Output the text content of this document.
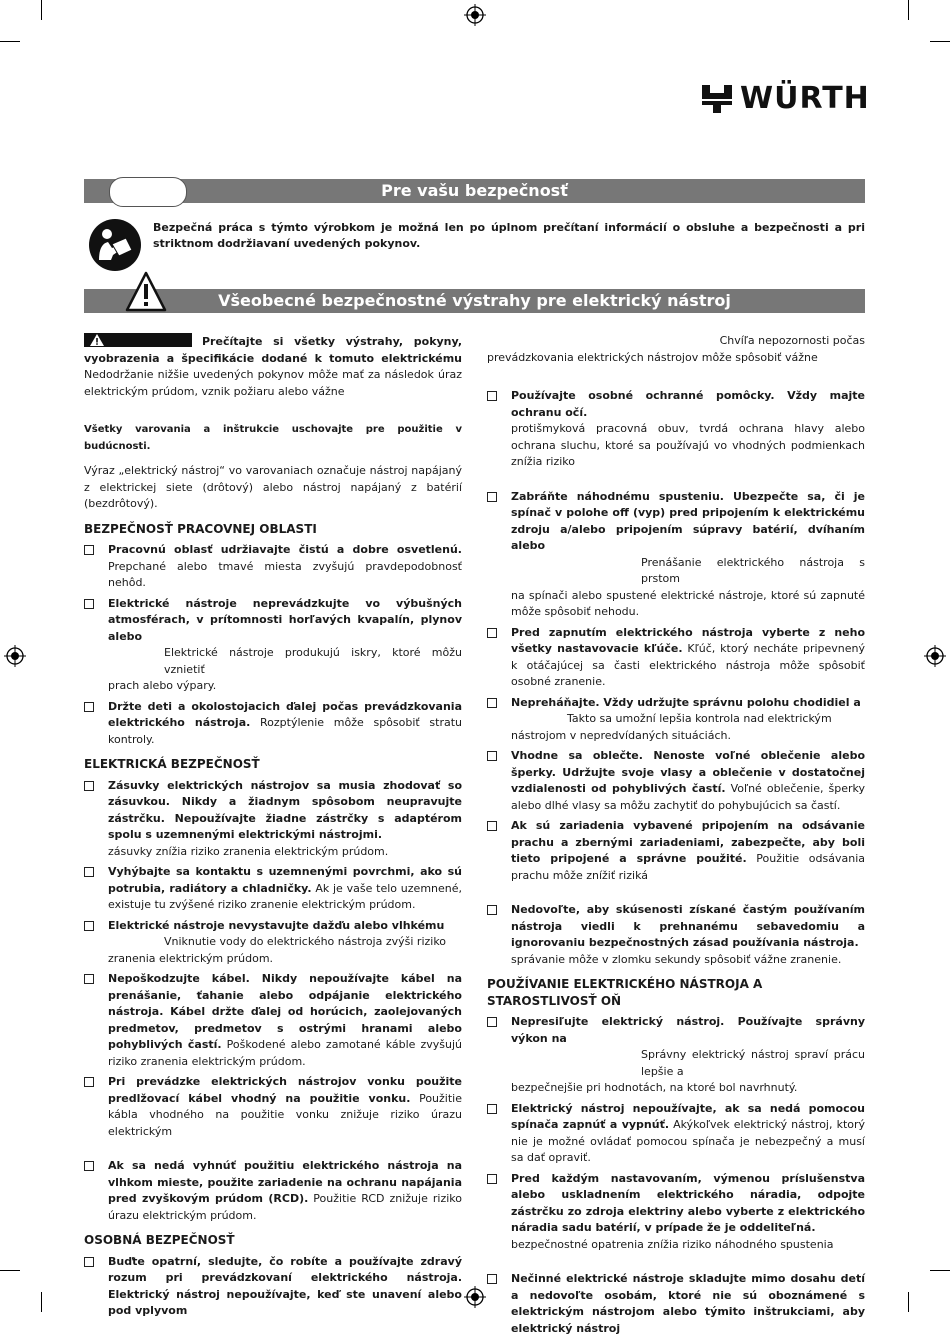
WÜRTH
Pre vašu bezpečnosť
Bezpečná práca s týmto výrobkom je možná len po úplnom prečítaní informácií o obsluhe a bezpečnosti a pri striktnom dodržiavaní uvedených pokynov.
Všeobecné bezpečnostné výstrahy pre elektrický nástroj

Prečítajte si všetky výstrahy, pokyny, vyobrazenia a špecifikácie dodané k tomuto elektrickému Nedodržanie nižšie uvedených pokynov môže mať za následok úraz elektrickým prúdom, vznik požiaru alebo vážne

Všetky varovania a inštrukcie uschovajte pre použitie v budúcnosti.

Výraz „elektrický nástroj“ vo varovaniach označuje nástroj napájaný z elektrickej siete (drôtový) alebo nástroj napájaný z batérií (bezdrôtový).

BEZPEČNOSŤ PRACOVNEJ OBLASTI
Pracovnú oblasť udržiavajte čistú a dobre osvetlenú. Prepchané alebo tmavé miesta zvyšujú pravdepodobnosť nehôd.
Elektrické nástroje neprevádzkujte vo výbušných atmosférach, v prítomnosti horľavých kvapalín, plynov alebo
Elektrické nástroje produkujú iskry, ktoré môžu vznietiť
prach alebo výpary.
Držte deti a okolostojacich ďalej počas prevádzkovania elektrického nástroja. Rozptýlenie môže spôsobiť stratu kontroly.
ELEKTRICKÁ BEZPEČNOSŤ
Zásuvky elektrických nástrojov sa musia zhodovať so zásuvkou. Nikdy a žiadnym spôsobom neupravujte zástrčku. Nepoužívajte žiadne zástrčky s adaptérom spolu s uzemnenými elektrickými nástrojmi.
zásuvky znížia riziko zranenia elektrickým prúdom.
Vyhýbajte sa kontaktu s uzemnenými povrchmi, ako sú potrubia, radiátory a chladničky. Ak je vaše telo uzemnené, existuje tu zvýšené riziko zranenie elektrickým prúdom.
Elektrické nástroje nevystavujte dažďu alebo vlhkému
Vniknutie vody do elektrického nástroja zvýši riziko
zranenia elektrickým prúdom.
Nepoškodzujte kábel. Nikdy nepoužívajte kábel na prenášanie, ťahanie alebo odpájanie elektrického nástroja. Kábel držte ďalej od horúcich, zaolejovaných predmetov, predmetov s ostrými hranami alebo pohyblivých častí. Poškodené alebo zamotané káble zvyšujú riziko zranenia elektrickým prúdom.
Pri prevádzke elektrických nástrojov vonku použite predlžovací kábel vhodný na použitie vonku. Použitie kábla vhodného na použitie vonku znižuje riziko úrazu elektrickým
Ak sa nedá vyhnúť použitiu elektrického nástroja na vlhkom mieste, použite zariadenie na ochranu napájania pred zvyškovým prúdom (RCD). Použitie RCD znižuje riziko úrazu elektrickým prúdom.
OSOBNÁ BEZPEČNOSŤ
Buďte opatrní, sledujte, čo robíte a používajte zdravý rozum pri prevádzkovaní elektrického nástroja. Elektrický nástroj nepoužívajte, keď ste unavení alebo pod vplyvom

Chvíľa nepozornosti počas
prevádzkovania elektrických nástrojov môže spôsobiť vážne

Používajte osobné ochranné pomôcky. Vždy majte ochranu očí.
protišmyková pracovná obuv, tvrdá ochrana hlavy alebo ochrana sluchu, ktoré sa používajú vo vhodných podmienkach znížia riziko
Zabráňte náhodnému spusteniu. Ubezpečte sa, či je spínač v polohe off (vyp) pred pripojením k elektrickému zdroju a/alebo pripojením súpravy batérií, dvíhaním alebo
Prenášanie elektrického nástroja s prstom
na spínači alebo spustené elektrické nástroje, ktoré sú zapnuté môže spôsobiť nehodu.
Pred zapnutím elektrického nástroja vyberte z neho všetky nastavovacie kľúče. Kľúč, ktorý necháte pripevnený k otáčajúcej sa časti elektrického nástroja môže spôsobiť osobné zranenie.
Nepreháňajte. Vždy udržujte správnu polohu chodidiel a
Takto sa umožní lepšia kontrola nad elektrickým
nástrojom v nepredvídaných situáciách.
Vhodne sa oblečte. Nenoste voľné oblečenie alebo šperky. Udržujte svoje vlasy a oblečenie v dostatočnej vzdialenosti od pohyblivých častí. Voľné oblečenie, šperky alebo dlhé vlasy sa môžu zachytiť do pohybujúcich sa častí.
Ak sú zariadenia vybavené pripojením na odsávanie prachu a zbernými zariadeniami, zabezpečte, aby boli tieto pripojené a správne použité. Použitie odsávania prachu môže znížiť riziká
Nedovoľte, aby skúsenosti získané častým používaním nástroja viedli k prehnanému sebavedomiu a ignorovaniu bezpečnostných zásad používania nástroja.
správanie môže v zlomku sekundy spôsobiť vážne zranenie.
POUŽÍVANIE ELEKTRICKÉHO NÁSTROJA A STAROSTLIVOSŤ OŇ
Nepresiľujte elektrický nástroj. Používajte správny výkon na
Správny elektrický nástroj spraví prácu lepšie a
bezpečnejšie pri hodnotách, na ktoré bol navrhnutý.
Elektrický nástroj nepoužívajte, ak sa nedá pomocou spínača zapnúť a vypnúť. Akýkoľvek elektrický nástroj, ktorý nie je možné ovládať pomocou spínača je nebezpečný a musí sa dať opraviť.
Pred každým nastavovaním, výmenou príslušenstva alebo uskladnením elektrického náradia, odpojte zástrčku zo zdroja elektriny alebo vyberte z elektrického náradia sadu batérií, v prípade že je oddeliteľná.
bezpečnostné opatrenia znížia riziko náhodného spustenia
Nečinné elektrické nástroje skladujte mimo dosahu detí a nedovoľte osobám, ktoré nie sú oboznámené s elektrickým nástrojom alebo týmito inštrukciami, aby elektrický nástroj
